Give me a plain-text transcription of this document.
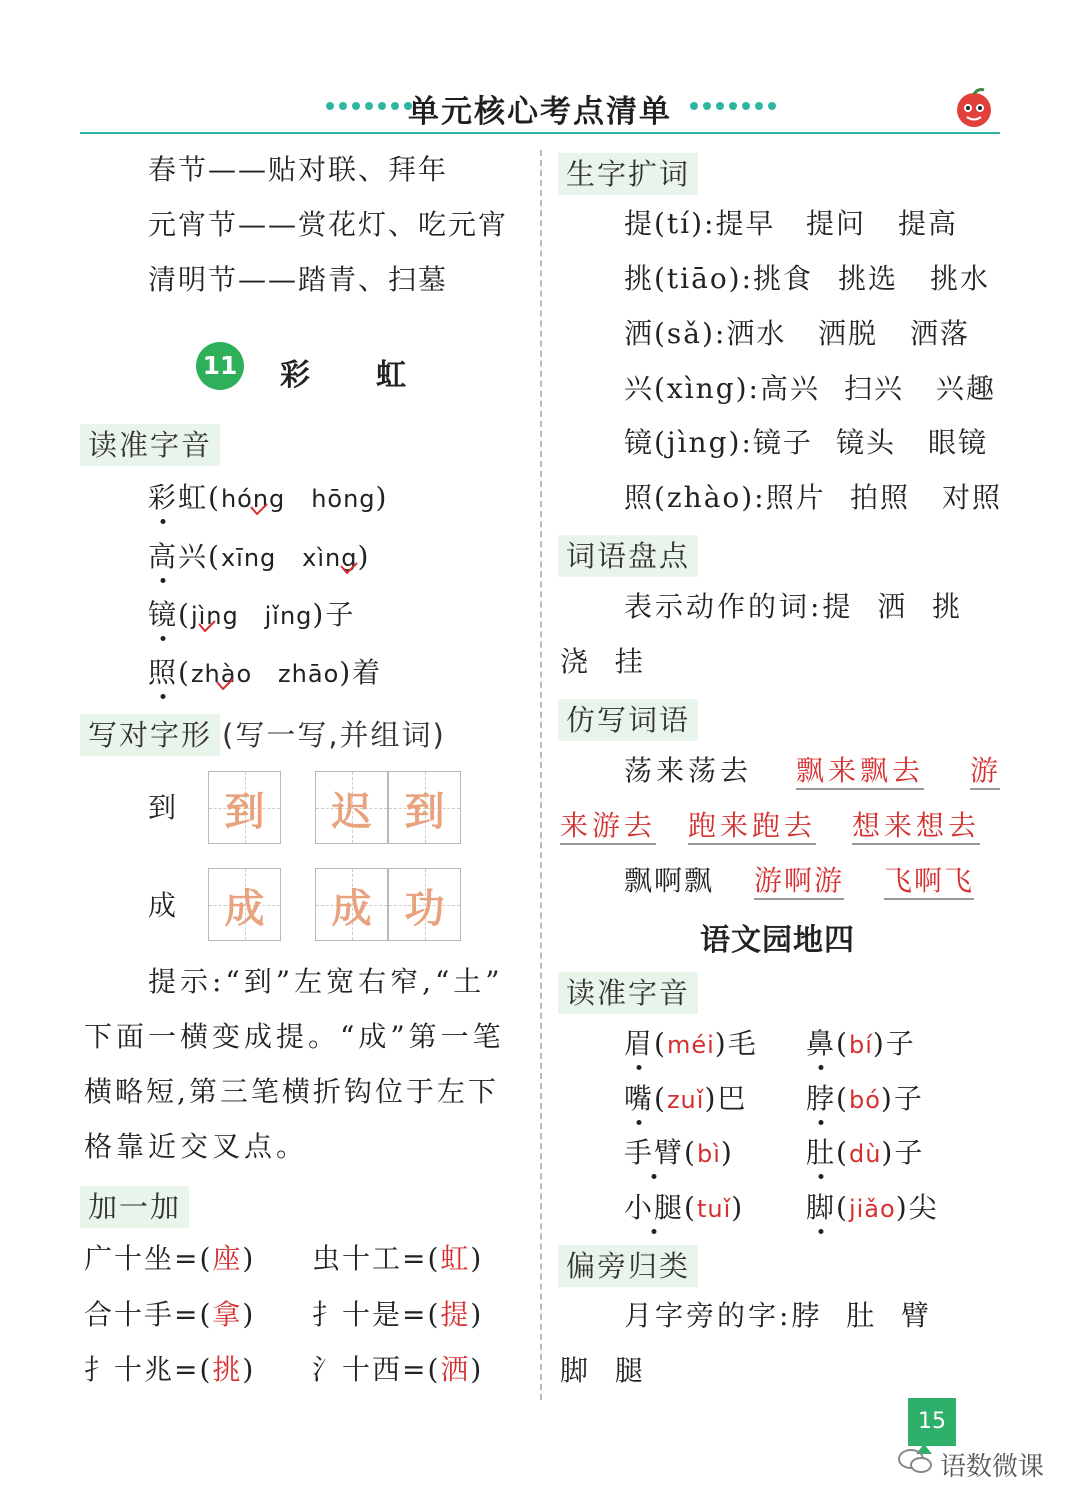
单元核心考点清单
春节——贴对联、拜年
元宵节——赏花灯、吃元宵
清明节——踏青、扫墓
11 彩 虹
读准字音
彩虹(hóng hōng)
高兴(xīng xìng)
镜(jìng jǐng)子
照(zhào zhāo)着
写对字形 (写一写,并组词)
到	到	迟 到
成	成	成 功
提示:“到”左宽右窄,“土”
下面一横变成提。“成”第一笔
横略短,第三笔横折钩位于左下
格靠近交叉点。
加一加
广十坐=(座) 虫十工=(虹)
合十手=(拿) 扌十是=(提)
扌十兆=(挑) 氵十西=(洒)
生字扩词
提(tí):提早 提问 提高
挑(tiāo):挑食 挑选 挑水
洒(sǎ):洒水 洒脱 洒落
兴(xìng):高兴 扫兴 兴趣
镜(jìng):镜子 镜头 眼镜
照(zhào):照片 拍照 对照
词语盘点
表示动作的词:提  洒  挑
浇  挂
仿写词语
荡来荡去 飘来飘去 游
来游去 跑来跑去 想来想去
飘啊飘 游啊游 飞啊飞
语文园地四
读准字音
眉(méi)毛 鼻(bí)子
嘴(zuǐ)巴 脖(bó)子
手臂(bì)	肚(dù)子
小腿(tuǐ) 脚(jiǎo)尖
偏旁归类
月字旁的字:脖  肚  臂
脚  腿
15
语数微课
